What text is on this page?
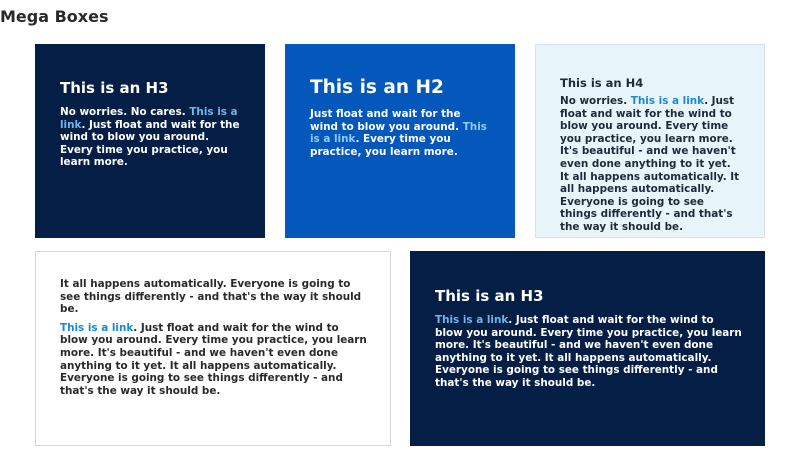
Mega Boxes
This is an H3

No worries. No cares. This is a link. Just float and wait for the wind to blow you around. Every time you practice, you learn more.

This is an H2

Just float and wait for the wind to blow you around. This is a link. Every time you practice, you learn more.

This is an H4

No worries. This is a link. Just float and wait for the wind to blow you around. Every time you practice, you learn more. It's beautiful - and we haven't even done anything to it yet. It all happens automatically. It all happens automatically. Everyone is going to see things differently - and that's the way it should be.

It all happens automatically. Everyone is going to see things differently - and that's the way it should be.

This is a link. Just float and wait for the wind to blow you around. Every time you practice, you learn more. It's beautiful - and we haven't even done anything to it yet. It all happens automatically. Everyone is going to see things differently - and that's the way it should be.

This is an H3

This is a link. Just float and wait for the wind to blow you around. Every time you practice, you learn more. It's beautiful - and we haven't even done anything to it yet. It all happens automatically. Everyone is going to see things differently - and that's the way it should be.
